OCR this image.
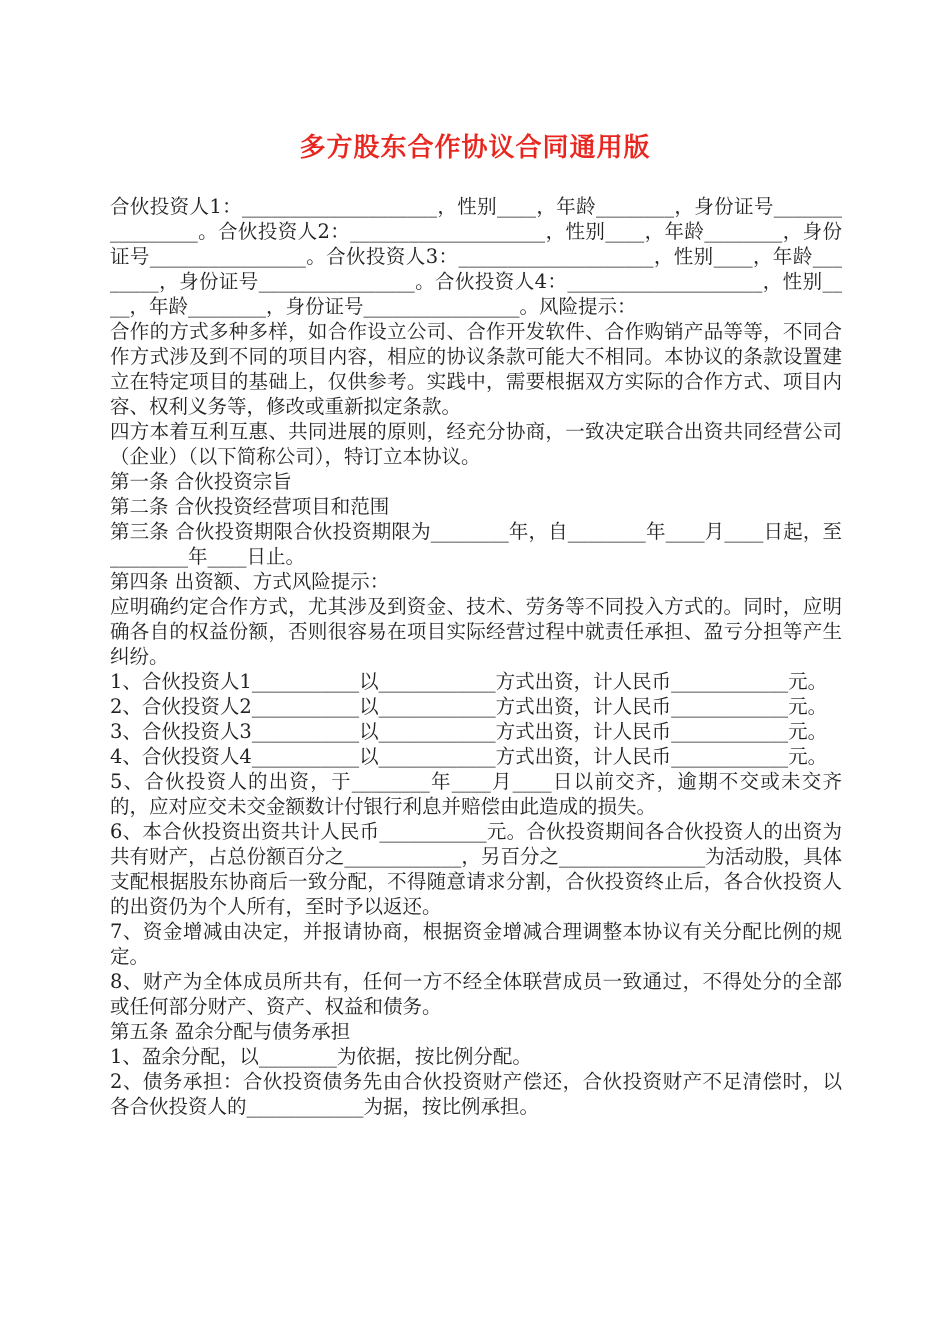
多方股东合作协议合同通用版

合伙投资人1：____________________，性别____，年龄________，身份证号________________。合伙投资人2：____________________，性别____，年龄________，身份证号________________。合伙投资人3：____________________，性别____，年龄________，身份证号________________。合伙投资人4：____________________，性别____，年龄________，身份证号________________。风险提示：

合作的方式多种多样，如合作设立公司、合作开发软件、合作购销产品等等，不同合作方式涉及到不同的项目内容，相应的协议条款可能大不相同。本协议的条款设置建立在特定项目的基础上，仅供参考。实践中，需要根据双方实际的合作方式、项目内容、权利义务等，修改或重新拟定条款。

四方本着互利互惠、共同进展的原则，经充分协商，一致决定联合出资共同经营公司（企业）（以下简称公司），特订立本协议。

第一条 合伙投资宗旨

第二条 合伙投资经营项目和范围

第三条 合伙投资期限合伙投资期限为________年，自________年____月____日起，至________年____日止。

第四条 出资额、方式风险提示：

应明确约定合作方式，尤其涉及到资金、技术、劳务等不同投入方式的。同时，应明确各自的权益份额，否则很容易在项目实际经营过程中就责任承担、盈亏分担等产生纠纷。

1、合伙投资人1___________以____________方式出资，计人民币____________元。

2、合伙投资人2___________以____________方式出资，计人民币____________元。

3、合伙投资人3___________以____________方式出资，计人民币____________元。

4、合伙投资人4___________以____________方式出资，计人民币____________元。

5、合伙投资人的出资，于________年____月____日以前交齐，逾期不交或未交齐的，应对应交未交金额数计付银行利息并赔偿由此造成的损失。

6、本合伙投资出资共计人民币___________元。合伙投资期间各合伙投资人的出资为共有财产，占总份额百分之____________，另百分之_______________为活动股，具体支配根据股东协商后一致分配，不得随意请求分割，合伙投资终止后，各合伙投资人的出资仍为个人所有，至时予以返还。

7、资金增减由决定，并报请协商，根据资金增减合理调整本协议有关分配比例的规定。

8、财产为全体成员所共有，任何一方不经全体联营成员一致通过，不得处分的全部或任何部分财产、资产、权益和债务。

第五条 盈余分配与债务承担

1、盈余分配，以________为依据，按比例分配。

2、债务承担：合伙投资债务先由合伙投资财产偿还，合伙投资财产不足清偿时，以各合伙投资人的____________为据，按比例承担。
